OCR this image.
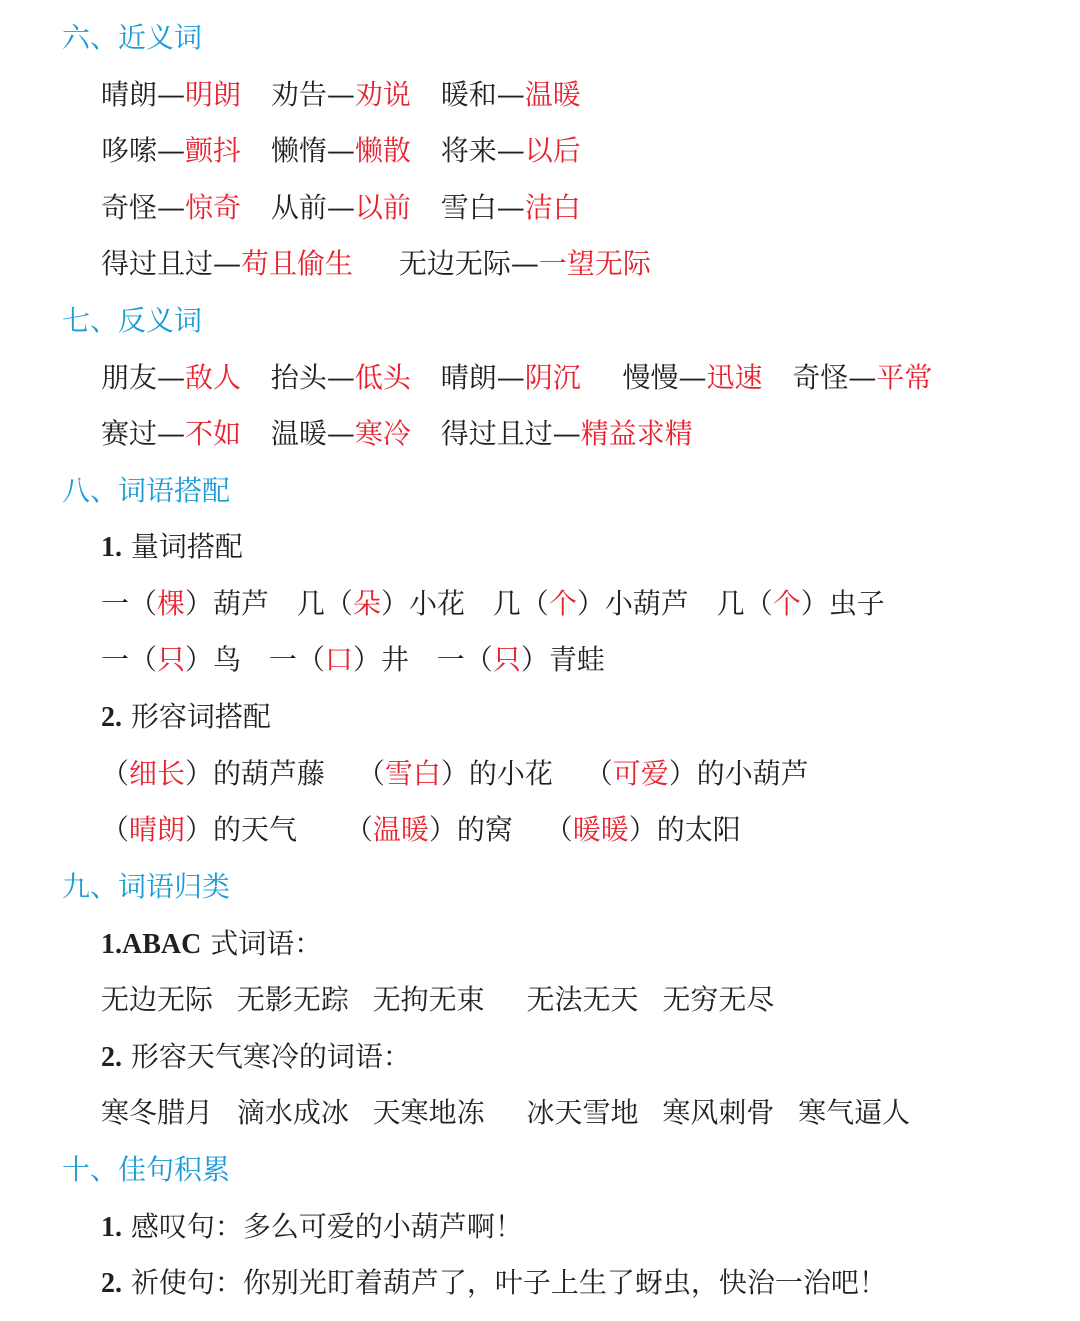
六、近义词
晴朗—明朗 劝告—劝说 暖和—温暖
哆嗦—颤抖 懒惰—懒散 将来—以后
奇怪—惊奇 从前—以前 雪白—洁白
得过且过—苟且偷生 无边无际—一望无际
七、反义词
朋友—敌人 抬头—低头 晴朗—阴沉 慢慢—迅速 奇怪—平常
赛过—不如 温暖—寒冷 得过且过—精益求精
八、词语搭配
1. 量词搭配
一（棵）葫芦 几（朵）小花 几（个）小葫芦 几（个）虫子
一（只）鸟 一（口）井 一（只）青蛙
2. 形容词搭配
（细长）的葫芦藤  （雪白）的小花  （可爱）的小葫芦
（晴朗）的天气  （温暖）的窝  （暖暖）的太阳
九、词语归类
1.ABAC 式词语：
无边无际 无影无踪 无拘无束 无法无天 无穷无尽
2. 形容天气寒冷的词语：
寒冬腊月 滴水成冰 天寒地冻 冰天雪地 寒风刺骨 寒气逼人
十、佳句积累
1. 感叹句：多么可爱的小葫芦啊！
2. 祈使句：你别光盯着葫芦了，叶子上生了蚜虫，快治一治吧！
